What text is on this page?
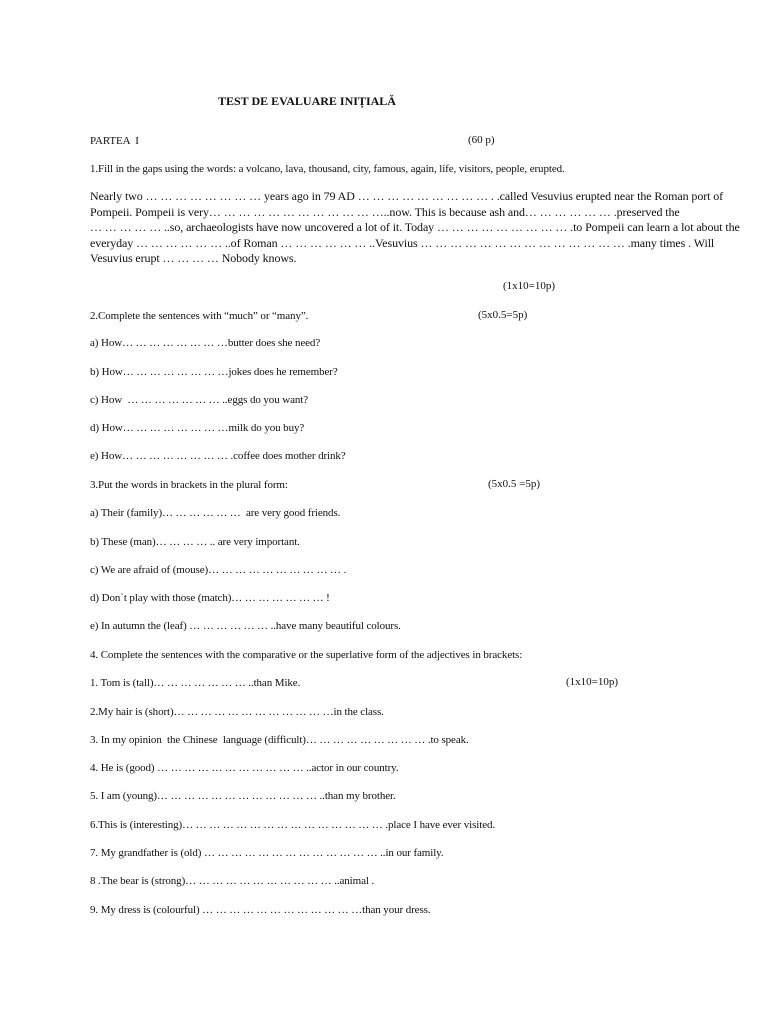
TEST DE EVALUARE INIȚIALĂ
PARTEA  I	(60 p)
1.Fill in the gaps using the words: a volcano, lava, thousand, city, famous, again, life, visitors, people, erupted.
Nearly two … … … … … … … … years ago in 79 AD … … … … … … … … … . .called Vesuvius erupted near the Roman port of
Pompeii. Pompeii is very… … … … … … … … … … … …..now. This is because ash and… … … … … … .preserved the
… … … … … ..so, archaeologists have now uncovered a lot of it. Today … … … … … … … … … .to Pompeii can learn a lot about the
everyday … … … … … … ..of Roman … … … … … … ..Vesuvius … … … … … … … … … … … … … … .many times . Will
Vesuvius erupt … … … … Nobody knows.
(1x10=10p)
2.Complete the sentences with “much” or “many”.	(5x0.5=5p)
a) How… … … … … … … …butter does she need?
b) How… … … … … … … …jokes does he remember?
c) How  … … … … … … … ..eggs do you want?
d) How… … … … … … … …milk do you buy?
e) How… … … … … … … … .coffee does mother drink?
3.Put the words in brackets in the plural form:	(5x0.5 =5p)
a) Their (family)… … … … … …  are very good friends.
b) These (man)… … … … .. are very important.
c) We are afraid of (mouse)… … … … … … … … … … .
d) Don`t play with those (match)… … … … … … … !
e) In autumn the (leaf) … … … … … … ..have many beautiful colours.
4. Complete the sentences with the comparative or the superlative form of the adjectives in brackets:
1. Tom is (tall)… … … … … … … ..than Mike.	(1x10=10p)
2.My hair is (short)… … … … … … … … … … … …in the class.
3. In my opinion  the Chinese  language (difficult)… … … … … … … … … .to speak.
4. He is (good) … … … … … … … … … … … ..actor in our country.
5. I am (young)… … … … … … … … … … … … ..than my brother.
6.This is (interesting)… … … … … … … … … … … … … … … .place I have ever visited.
7. My grandfather is (old) … … … … … … … … … … … … … ..in our family.
8 .The bear is (strong)… … … … … … … … … … … ..animal .
9. My dress is (colourful) … … … … … … … … … … … …than your dress.
